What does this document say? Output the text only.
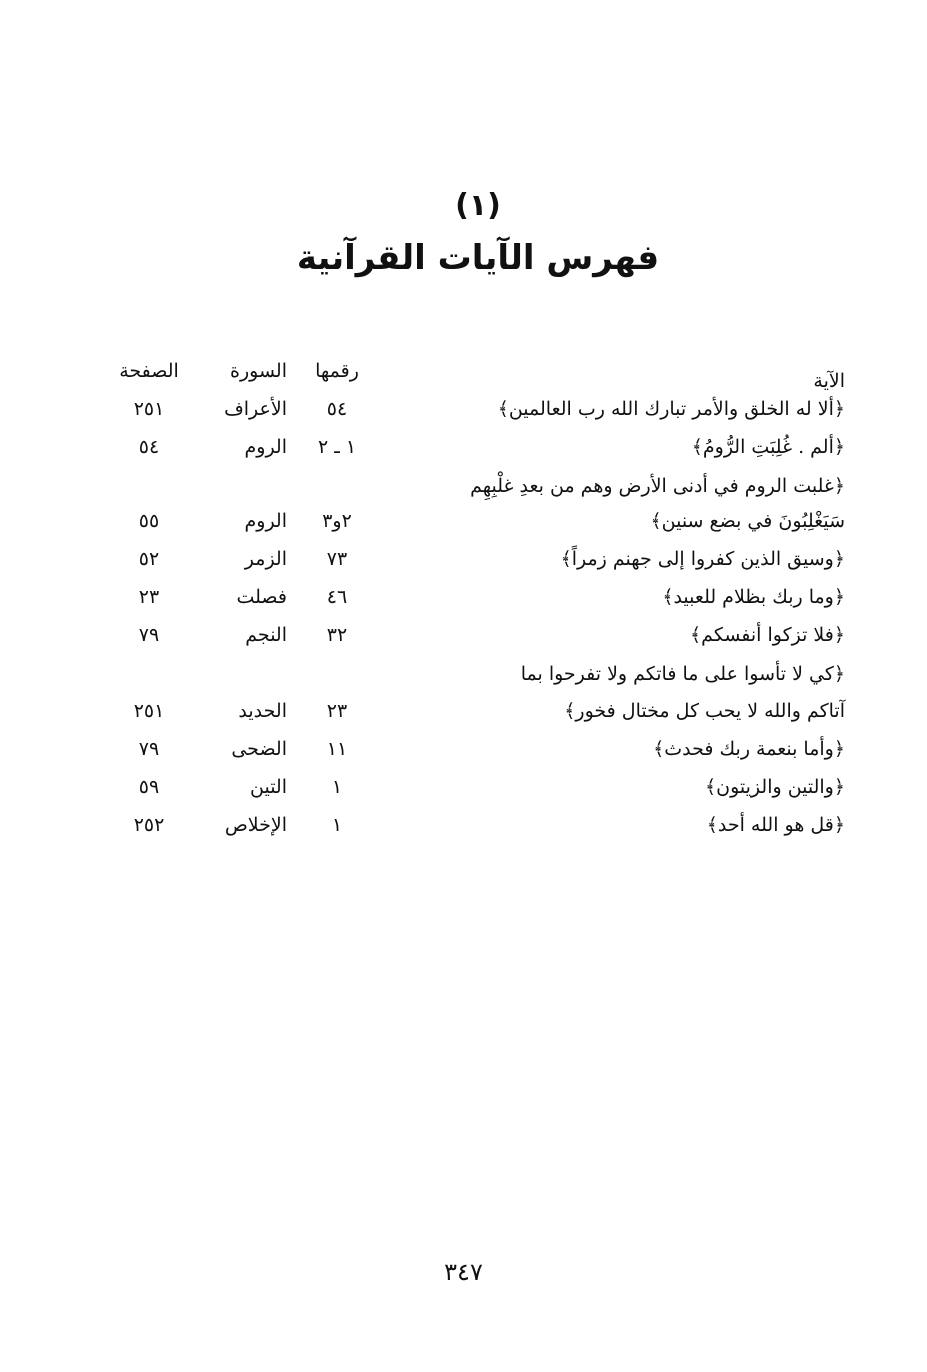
(١)
فهرس الآيات القرآنية
الآية
رقمها
السورة
الصفحة
﴿ألا له الخلق والأمر تبارك الله رب العالمين﴾
٥٤
الأعراف
٢٥١
﴿ألم . غُلِبَتِ الرُّومُ﴾
١ ـ ٢
الروم
٥٤
﴿غلبت الروم في أدنى الأرض وهم من بعدِ غلْبِهِم
سَيَغْلِبُونَ في بضع سنين﴾
٢و٣
الروم
٥٥
﴿وسيق الذين كفروا إلى جهنم زمراً﴾
٧٣
الزمر
٥٢
﴿وما ربك بظلام للعبيد﴾
٤٦
فصلت
٢٣
﴿فلا تزكوا أنفسكم﴾
٣٢
النجم
٧٩
﴿كي لا تأسوا على ما فاتكم ولا تفرحوا بما
آتاكم والله لا يحب كل مختال فخور﴾
٢٣
الحديد
٢٥١
﴿وأما بنعمة ربك فحدث﴾
١١
الضحى
٧٩
﴿والتين والزيتون﴾
١
التين
٥٩
﴿قل هو الله أحد﴾
١
الإخلاص
٢٥٢
٣٤٧
